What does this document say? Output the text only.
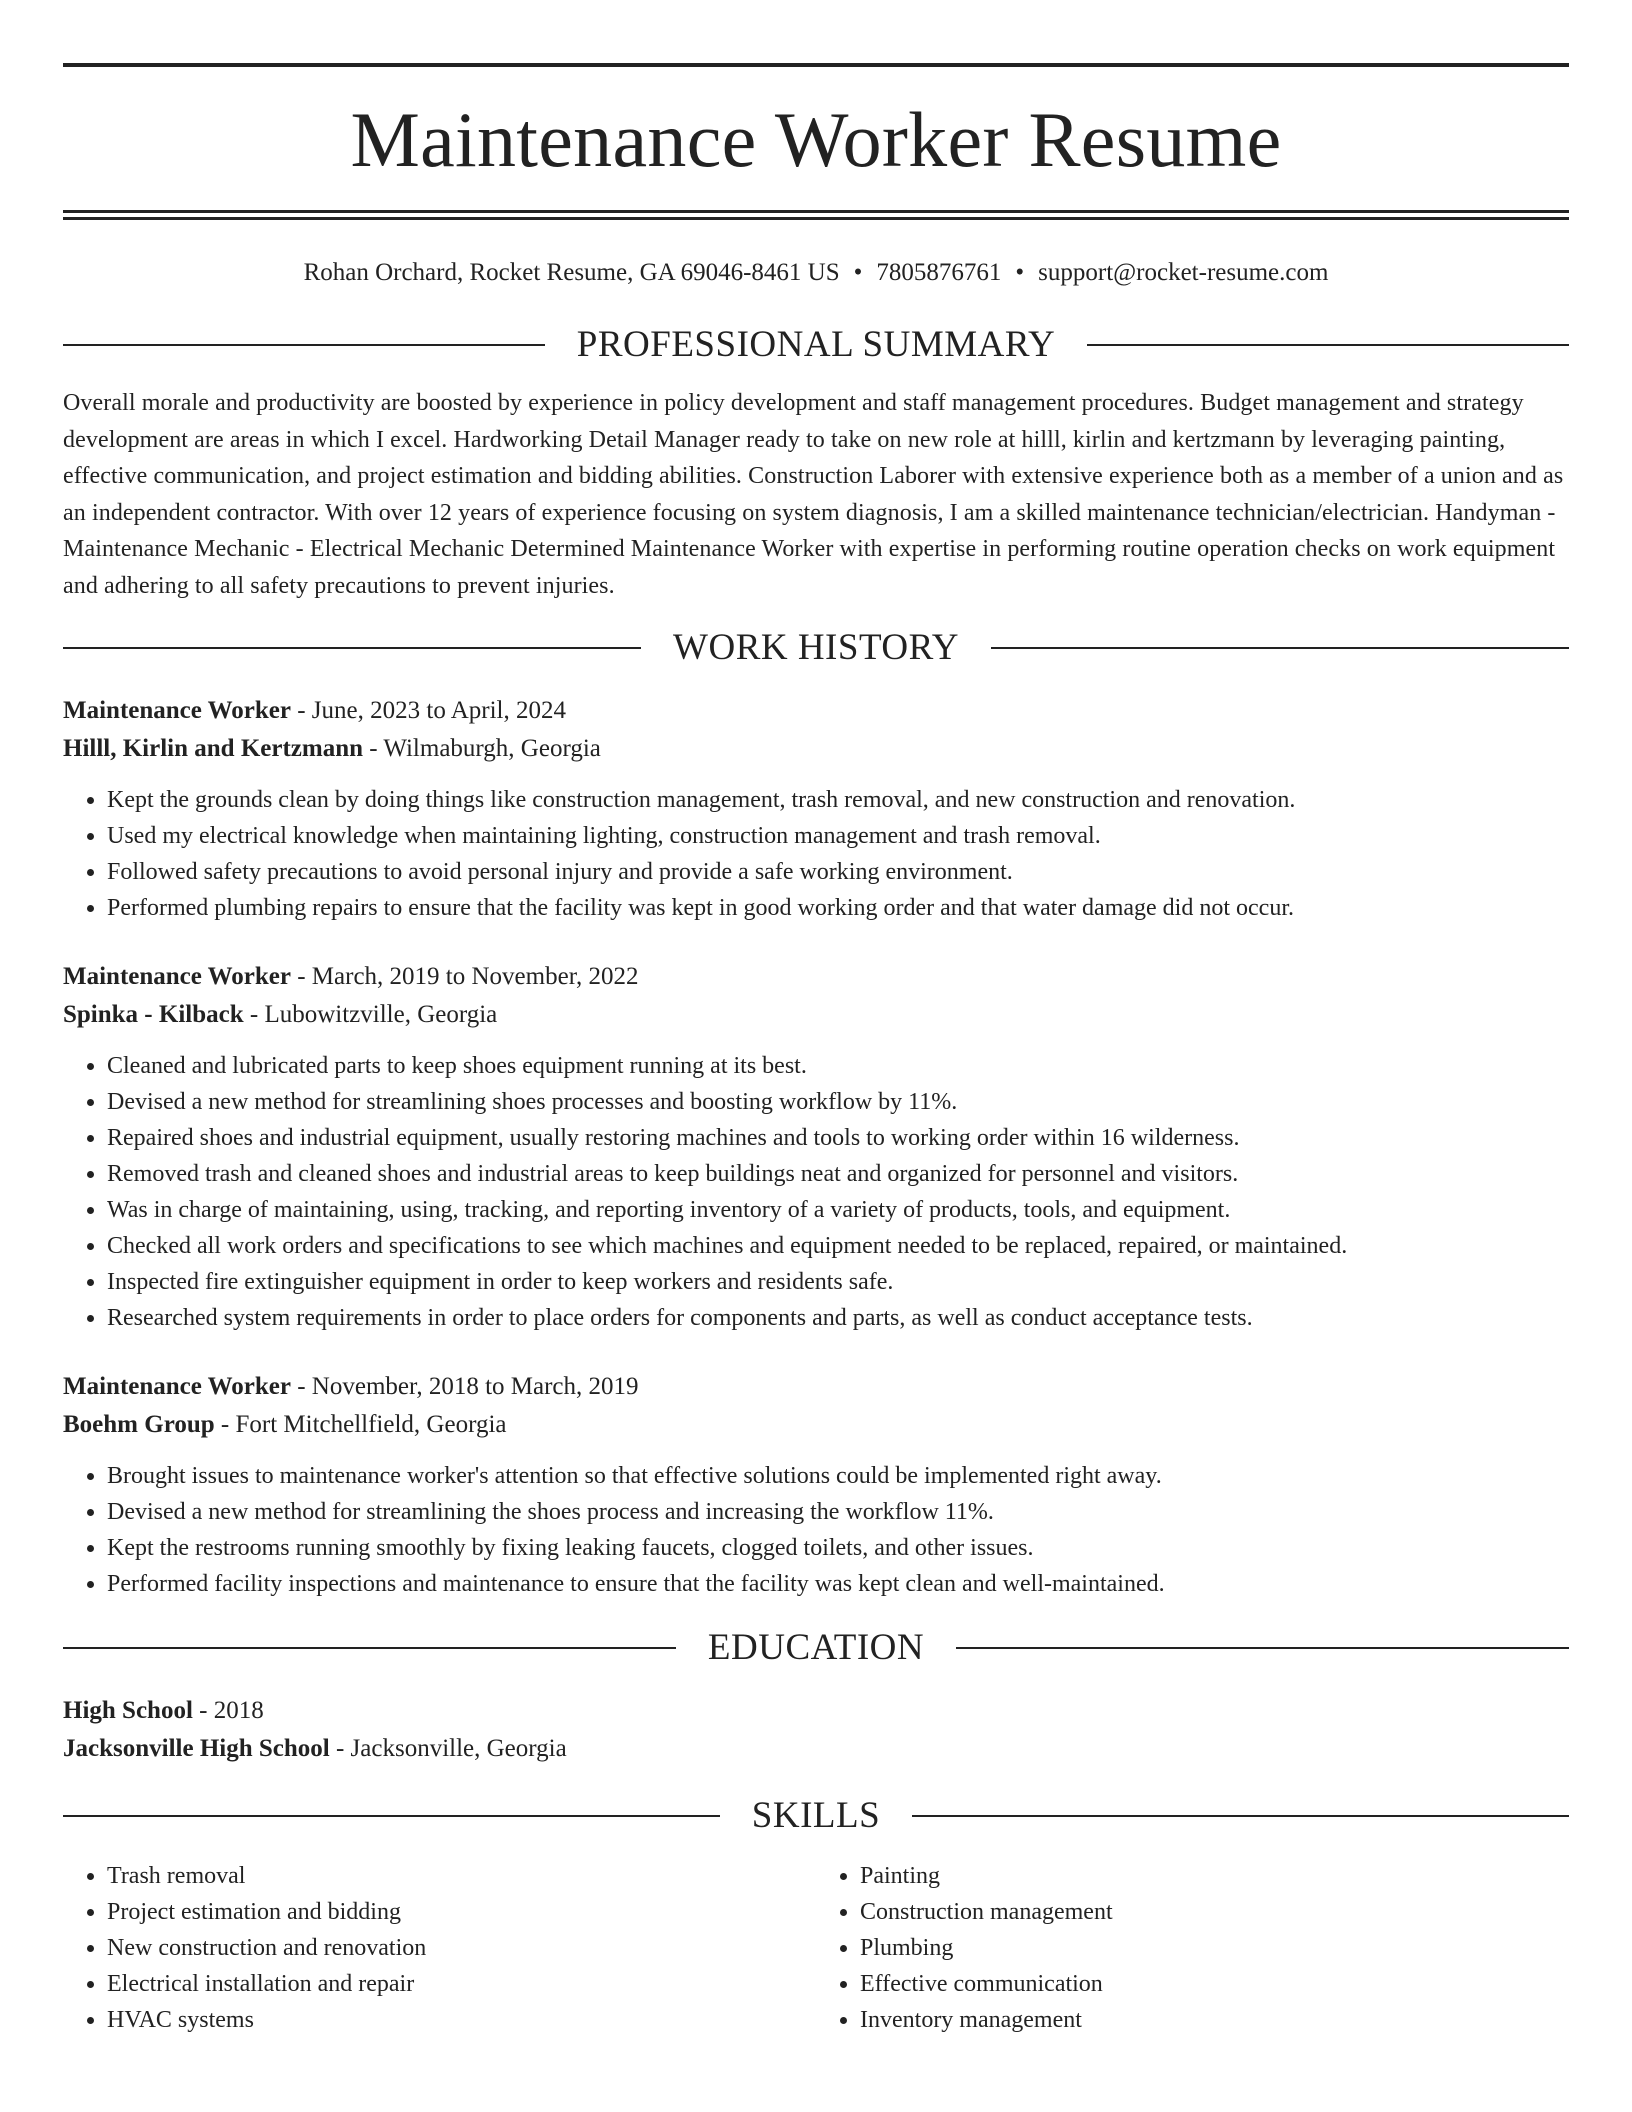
Maintenance Worker Resume
Rohan Orchard, Rocket Resume, GA 69046-8461 US • 7805876761 • support@rocket-resume.com
PROFESSIONAL SUMMARY
Overall morale and productivity are boosted by experience in policy development and staff management procedures. Budget management and strategy development are areas in which I excel. Hardworking Detail Manager ready to take on new role at hilll, kirlin and kertzmann by leveraging painting, effective communication, and project estimation and bidding abilities. Construction Laborer with extensive experience both as a member of a union and as an independent contractor. With over 12 years of experience focusing on system diagnosis, I am a skilled maintenance technician/electrician. Handyman - Maintenance Mechanic - Electrical Mechanic Determined Maintenance Worker with expertise in performing routine operation checks on work equipment and adhering to all safety precautions to prevent injuries.
WORK HISTORY
Maintenance Worker - June, 2023 to April, 2024
Hilll, Kirlin and Kertzmann - Wilmaburgh, Georgia
• Kept the grounds clean by doing things like construction management, trash removal, and new construction and renovation.
• Used my electrical knowledge when maintaining lighting, construction management and trash removal.
• Followed safety precautions to avoid personal injury and provide a safe working environment.
• Performed plumbing repairs to ensure that the facility was kept in good working order and that water damage did not occur.
Maintenance Worker - March, 2019 to November, 2022
Spinka - Kilback - Lubowitzville, Georgia
• Cleaned and lubricated parts to keep shoes equipment running at its best.
• Devised a new method for streamlining shoes processes and boosting workflow by 11%.
• Repaired shoes and industrial equipment, usually restoring machines and tools to working order within 16 wilderness.
• Removed trash and cleaned shoes and industrial areas to keep buildings neat and organized for personnel and visitors.
• Was in charge of maintaining, using, tracking, and reporting inventory of a variety of products, tools, and equipment.
• Checked all work orders and specifications to see which machines and equipment needed to be replaced, repaired, or maintained.
• Inspected fire extinguisher equipment in order to keep workers and residents safe.
• Researched system requirements in order to place orders for components and parts, as well as conduct acceptance tests.
Maintenance Worker - November, 2018 to March, 2019
Boehm Group - Fort Mitchellfield, Georgia
• Brought issues to maintenance worker's attention so that effective solutions could be implemented right away.
• Devised a new method for streamlining the shoes process and increasing the workflow 11%.
• Kept the restrooms running smoothly by fixing leaking faucets, clogged toilets, and other issues.
• Performed facility inspections and maintenance to ensure that the facility was kept clean and well-maintained.
EDUCATION
High School - 2018
Jacksonville High School - Jacksonville, Georgia
SKILLS
• Trash removal
• Project estimation and bidding
• New construction and renovation
• Electrical installation and repair
• HVAC systems
• Painting
• Construction management
• Plumbing
• Effective communication
• Inventory management
